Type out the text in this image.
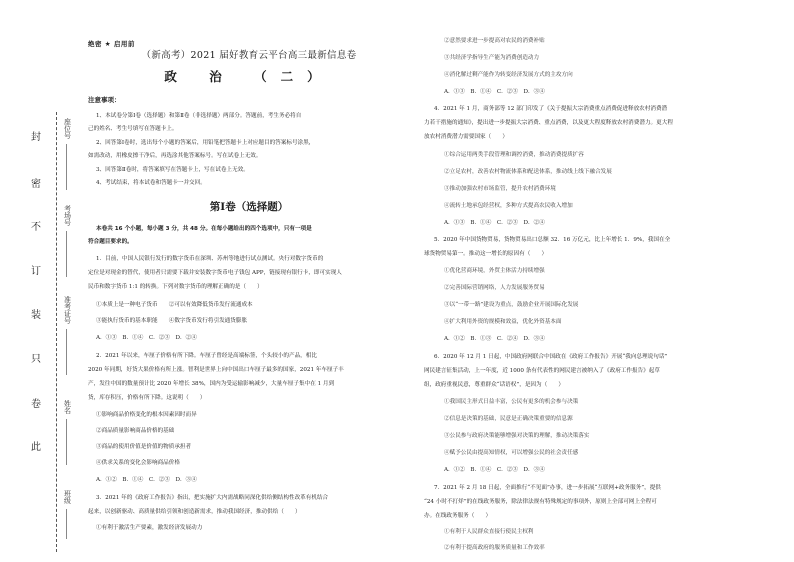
封
密
不
订
装
只
卷
此
座位号
考场号
准考证号
姓名
班级
绝密 ★ 启用前
（新高考）2021 届好教育云平台高三最新信息卷
政 治 （二）
注意事项：
1、本试卷分第Ⅰ卷（选择题）和第Ⅱ卷（非选择题）两部分。答题前，考生务必将自
己的姓名、考生号填写在答题卡上。
2、回答第Ⅰ卷时，选出每个小题的答案后，用铅笔把答题卡上对应题目的答案标号涂黑，
如需改动，用橡皮擦干净后，再选涂其他答案标号。写在试卷上无效。
3、回答第Ⅱ卷时，将答案填写在答题卡上，写在试卷上无效。
4、考试结束，将本试卷和答题卡一并交回。
第Ⅰ卷（选择题）
本卷共 16 个小题，每小题 3 分，共 48 分。在每小题给出的四个选项中，只有一项是
符合题目要求的。
1．目前，中国人民银行发行的数字货币在深圳、苏州等地进行试点测试。央行对数字货币的
定位是对现金的替代，使用者只需要下载并安装数字货币电子钱包 APP，链接现有银行卡，即可实现人
民币和数字货币 1:1 的转换。下列对数字货币的理解正确的是（　　）
①本质上是一种电子货币　　②可以有效降低货币发行流通成本
③能执行货币的基本职能　　④数字货币发行将引发通货膨胀
A．①③　B．①④　C．②③　D．②④
2．2021 年以来，车厘子价格有所下降。车厘子曾经是高端标签，个头较小的产品，相比
2020 年同期，好货大果价格有所上涨。智利是世界上向中国出口车厘子最多的国家，2021 年车厘子丰
产，发往中国的数量预计比 2020 年增长 38%，国内为受运输影响减少，大量车厘子集中在 1 月到
货，库存积压，价格有所下降。这说明（　　）
①影响商品价格变化的根本因素因时而异
②商品质量影响商品价格的基础
③商品的使用价值是价值的物质承担者
④供求关系的变化会影响商品价格
A．①②　B．①④　C．②③　D．③④
3．2021 年的《政府工作报告》指出，把实施扩大内需战略同深化供给侧结构性改革有机结合
起来，以创新驱动、高质量供给引领和创造新需求，推动我国经济，推动供给（　　）
①有利于激活生产要素，激发经济发展动力
②意然要求进一步提高对农民的消费补贴
③共经济学指导生产能为消费创造动力
④消化解过剩产能作为转变经济发展方式的主攻方向
A．①③　B．①④　C．②③　D．③④
4．2021 年 1 月，商务部等 12 部门印发了《关于提振大宗消费重点消费促进释放农村消费潜
力若干措施的通知》，提出进一步提振大宗消费、重点消费，以及更大程度释放农村消费潜力。更大程
放农村消费潜力需要国家（　　）
①综合运用两类手段管理和调控消费，推动消费提质扩容
②立足农村，改善农村物流体系和配送体系，推动线上线下融合发展
③推动加强农村市场监管，提升农村消费环境
④流转土地承包经营权，多种方式提高农民收入增加
A．①③　B．①④　C．②③　D．②④
5．2020 年中国货物贸易，货物贸易出口总额 32．16 万亿元，比上年增长 1．9%，我国在全
球货物贸易第一。推动这一增长的原因有（　　）
①优化营商环境，外贸主体活力持续增强
②完善国际营销网络，人力发展服务贸易
③以“一带一路”建设为重点，鼓励企业开展国际化发展
④扩大利用外资的规模和效益，优化外资基本面
A．①②　B．①③　C．②④　D．③④
6．2020 年 12 月 1 日起，中国政府网联合中国政在《政府工作报告》开展“我向总理说句话”
网民建言征集活动，上一年度，近 1000 条有代表性的网民建言被纳入了《政府工作报告》起草
组，政府重视民意，尊重群众“话语权”，是因为（　　）
①我国民主形式日益丰富，公民有更多的机会参与决策
②信息是决策的基础，民意是正确决策重要的信息源
③公民参与政府决策能够增强对决策的理解，推动决策落实
④赋予公民由提高知情权，可以增强公民的社会责任感
A．①②　B．①④　C．②③　D．③④
7．2021 年 2 月 18 日起，全面推行“不见面”办事，进一步拓展“互联网+政务服务”，提供
“24 小时不打烊”的在线政务服务，除法律法规有特殊规定的事项外，原则上全部可网上全程可
办。在线政务服务（　　）
①有利于人民群众直接行使民主权利
②有利于提高政府的服务质量和工作效率
